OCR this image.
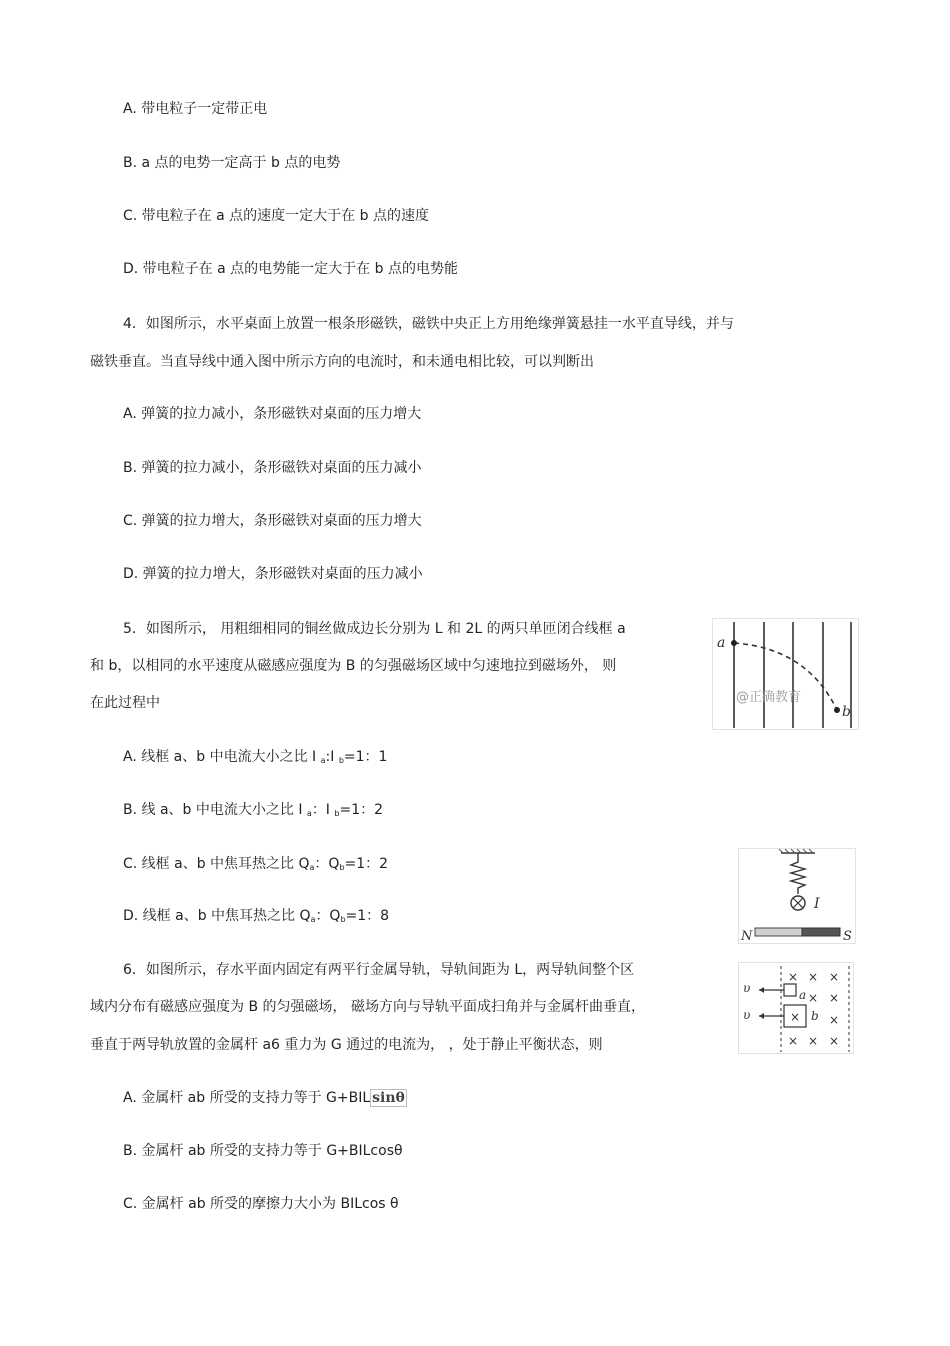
A. 带电粒子一定带正电
B. a 点的电势一定高于 b 点的电势
C. 带电粒子在 a 点的速度一定大于在 b 点的速度
D. 带电粒子在 a 点的电势能一定大于在 b 点的电势能
4．如图所示，水平桌面上放置一根条形磁铁，磁铁中央正上方用绝缘弹簧悬挂一水平直导线，并与
磁铁垂直。当直导线中通入图中所示方向的电流时，和未通电相比较，可以判断出
A. 弹簧的拉力减小，条形磁铁对桌面的压力增大
B. 弹簧的拉力减小，条形磁铁对桌面的压力减小
C. 弹簧的拉力增大，条形磁铁对桌面的压力增大
D. 弹簧的拉力增大，条形磁铁对桌面的压力减小
5．如图所示， 用粗细相同的铜丝做成边长分别为 L 和 2L 的两只单匝闭合线框 a
和 b，以相同的水平速度从磁感应强度为 B 的匀强磁场区域中匀速地拉到磁场外， 则
在此过程中
A. 线框 a、b 中电流大小之比 I $_a$:I $_b$=1：1
B. 线 a、b 中电流大小之比 I $_a$：I $_b$=1：2
C. 线框 a、b 中焦耳热之比 $Q_a$：$Q_b=1$：2
D. 线框 a、b 中焦耳热之比 $Q_a$：$Q_b=1$：8
6．如图所示，存水平面内固定有两平行金属导轨，导轨间距为 L，两导轨间整个区
域内分布有磁感应强度为 B 的匀强磁场， 磁场方向与导轨平面成扫角并与金属杆曲垂直，
垂直于两导轨放置的金属杆 a6 重力为 G 通过的电流为， ，处于静止平衡状态，则
A. 金属杆 ab 所受的支持力等于 G+BIL sinθ
B. 金属杆 ab 所受的支持力等于 G+BILcosθ
C. 金属杆 ab 所受的摩擦力大小为 BILcos θ
a
b
@正确教育
I
N	S
× × ×
× ×
×
× × ×
×
a
b
υ
υ
